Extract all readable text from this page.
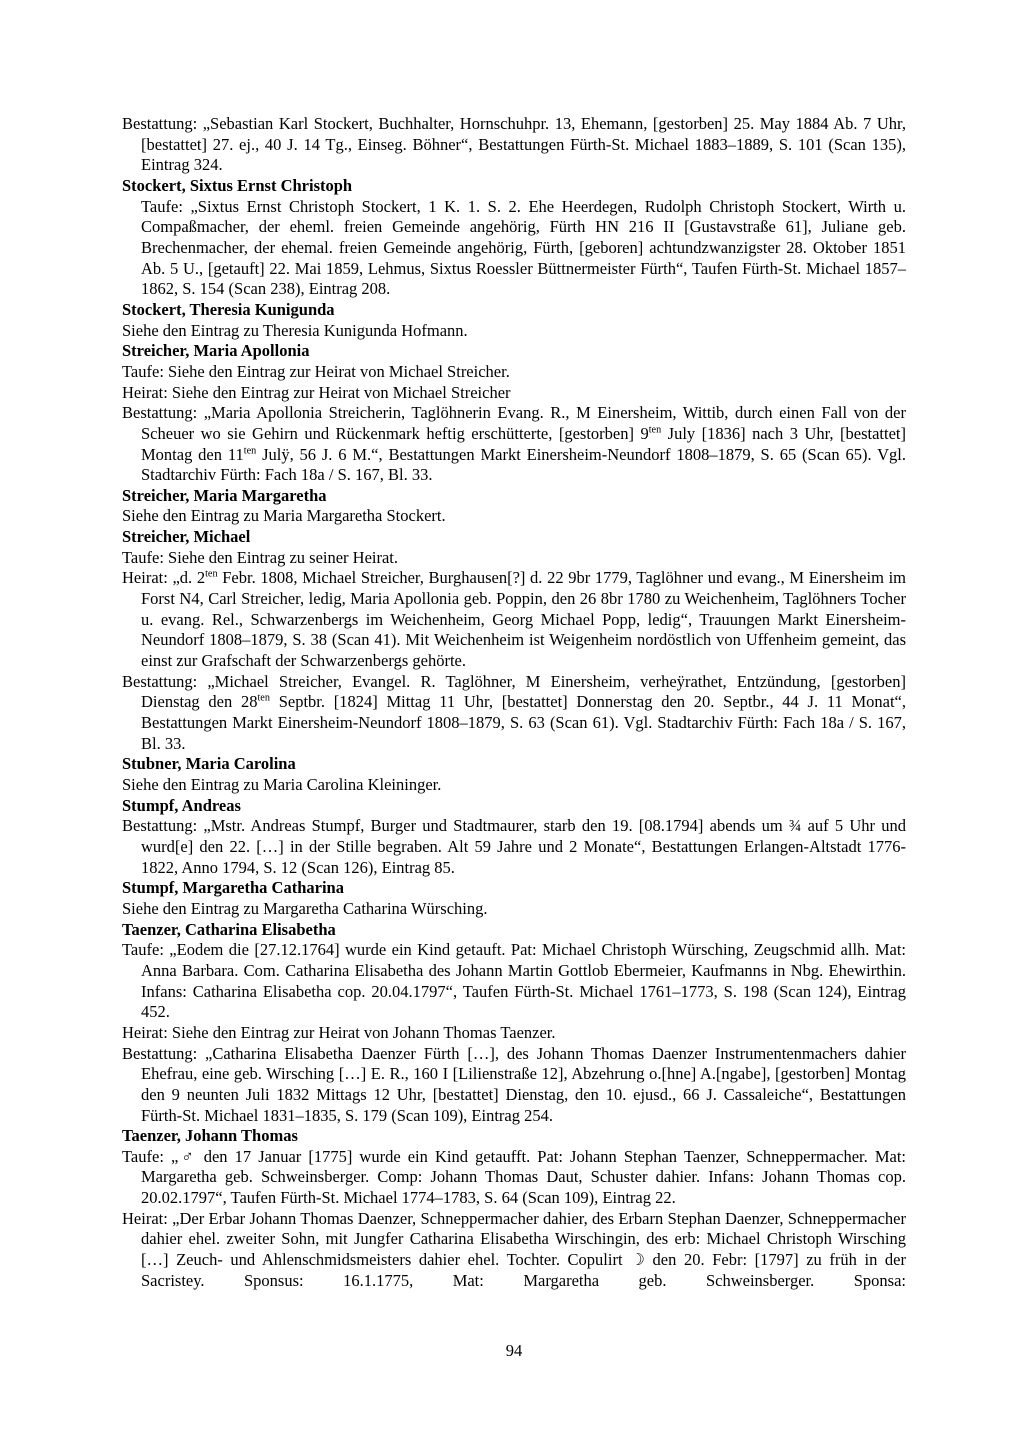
Bestattung: „Sebastian Karl Stockert, Buchhalter, Hornschuhpr. 13, Ehemann, [gestorben] 25. May 1884 Ab. 7 Uhr, [bestattet] 27. ej., 40 J. 14 Tg., Einseg. Böhner“, Bestattungen Fürth-St. Michael 1883–1889, S. 101 (Scan 135), Eintrag 324.
Stockert, Sixtus Ernst Christoph
Taufe: „Sixtus Ernst Christoph Stockert, 1 K. 1. S. 2. Ehe Heerdegen, Rudolph Christoph Stockert, Wirth u. Compaßmacher, der eheml. freien Gemeinde angehörig, Fürth HN 216 II [Gustavstraße 61], Juliane geb. Brechenmacher, der ehemal. freien Gemeinde angehörig, Fürth, [geboren] achtundzwanzigster 28. Oktober 1851 Ab. 5 U., [getauft] 22. Mai 1859, Lehmus, Sixtus Roessler Büttnermeister Fürth“, Taufen Fürth-St. Michael 1857–1862, S. 154 (Scan 238), Eintrag 208.
Stockert, Theresia Kunigunda
Siehe den Eintrag zu Theresia Kunigunda Hofmann.
Streicher, Maria Apollonia
Taufe: Siehe den Eintrag zur Heirat von Michael Streicher.
Heirat: Siehe den Eintrag zur Heirat von Michael Streicher
Bestattung: „Maria Apollonia Streicherin, Taglöhnerin Evang. R., M Einersheim, Wittib, durch einen Fall von der Scheuer wo sie Gehirn und Rückenmark heftig erschütterte, [gestorben] $9^{ten}$ July [1836] nach 3 Uhr, [bestattet] Montag den $11^{ten}$ Julÿ, 56 J. 6 M.“, Bestattungen Markt Einersheim-Neundorf 1808–1879, S. 65 (Scan 65). Vgl. Stadtarchiv Fürth: Fach 18a / S. 167, Bl. 33.
Streicher, Maria Margaretha
Siehe den Eintrag zu Maria Margaretha Stockert.
Streicher, Michael
Taufe: Siehe den Eintrag zu seiner Heirat.
Heirat: „d. $2^{ten}$ Febr. 1808, Michael Streicher, Burghausen[?] d. 22 9br 1779, Taglöhner und evang., M Einersheim im Forst N4, Carl Streicher, ledig, Maria Apollonia geb. Poppin, den 26 8br 1780 zu Weichenheim, Taglöhners Tocher u. evang. Rel., Schwarzenbergs im Weichenheim, Georg Michael Popp, ledig“, Trauungen Markt Einersheim-Neundorf 1808–1879, S. 38 (Scan 41). Mit Weichenheim ist Weigenheim nordöstlich von Uffenheim gemeint, das einst zur Grafschaft der Schwarzenbergs gehörte.
Bestattung: „Michael Streicher, Evangel. R. Taglöhner, M Einersheim, verheÿrathet, Entzündung, [gestorben] Dienstag den $28^{ten}$ Septbr. [1824] Mittag 11 Uhr, [bestattet] Donnerstag den 20. Septbr., 44 J. 11 Monat“, Bestattungen Markt Einersheim-Neundorf 1808–1879, S. 63 (Scan 61). Vgl. Stadtarchiv Fürth: Fach 18a / S. 167, Bl. 33.
Stubner, Maria Carolina
Siehe den Eintrag zu Maria Carolina Kleininger.
Stumpf, Andreas
Bestattung: „Mstr. Andreas Stumpf, Burger und Stadtmaurer, starb den 19. [08.1794] abends um ¾ auf 5 Uhr und wurd[e] den 22. […] in der Stille begraben. Alt 59 Jahre und 2 Monate“, Bestattungen Erlangen-Altstadt 1776-1822, Anno 1794, S. 12 (Scan 126), Eintrag 85.
Stumpf, Margaretha Catharina
Siehe den Eintrag zu Margaretha Catharina Würsching.
Taenzer, Catharina Elisabetha
Taufe: „Eodem die [27.12.1764] wurde ein Kind getauft. Pat: Michael Christoph Würsching, Zeugschmid allh. Mat: Anna Barbara. Com. Catharina Elisabetha des Johann Martin Gottlob Ebermeier, Kaufmanns in Nbg. Ehewirthin. Infans: Catharina Elisabetha cop. 20.04.1797“, Taufen Fürth-St. Michael 1761–1773, S. 198 (Scan 124), Eintrag 452.
Heirat: Siehe den Eintrag zur Heirat von Johann Thomas Taenzer.
Bestattung: „Catharina Elisabetha Daenzer Fürth […], des Johann Thomas Daenzer Instrumentenmachers dahier Ehefrau, eine geb. Wirsching […] E. R., 160 I [Lilienstraße 12], Abzehrung o.[hne] A.[ngabe], [gestorben] Montag den 9 neunten Juli 1832 Mittags 12 Uhr, [bestattet] Dienstag, den 10. ejusd., 66 J. Cassaleiche“, Bestattungen Fürth-St. Michael 1831–1835, S. 179 (Scan 109), Eintrag 254.
Taenzer, Johann Thomas
Taufe: „♂ den 17 Januar [1775] wurde ein Kind getaufft. Pat: Johann Stephan Taenzer, Schneppermacher. Mat: Margaretha geb. Schweinsberger. Comp: Johann Thomas Daut, Schuster dahier. Infans: Johann Thomas cop. 20.02.1797“, Taufen Fürth-St. Michael 1774–1783, S. 64 (Scan 109), Eintrag 22.
Heirat: „Der Erbar Johann Thomas Daenzer, Schneppermacher dahier, des Erbarn Stephan Daenzer, Schneppermacher dahier ehel. zweiter Sohn, mit Jungfer Catharina Elisabetha Wirschingin, des erb: Michael Christoph Wirsching […] Zeuch- und Ahlenschmidsmeisters dahier ehel. Tochter. Copulirt ☽ den 20. Febr: [1797] zu früh in der Sacristey. Sponsus: 16.1.1775, Mat: Margaretha geb. Schweinsberger. Sponsa:
94
